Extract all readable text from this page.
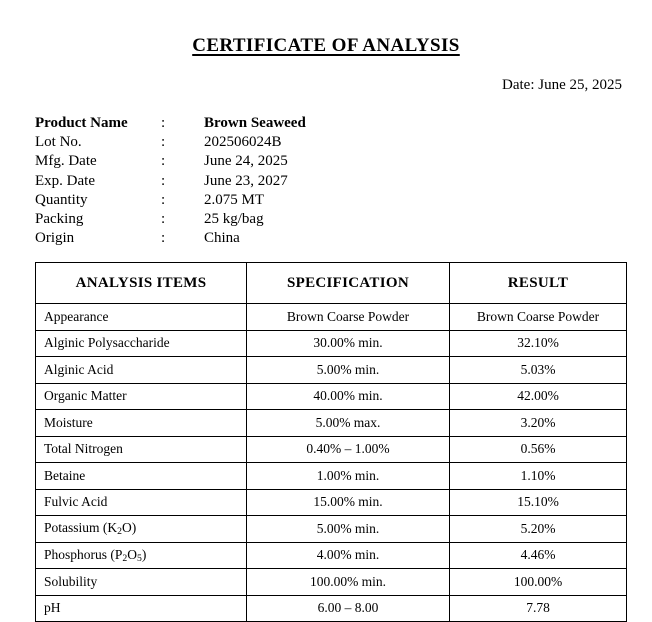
CERTIFICATE OF ANALYSIS
Date: June 25, 2025
Product Name	:	Brown Seaweed
Lot No.	:	202506024B
Mfg. Date	:	June 24, 2025
Exp. Date	:	June 23, 2027
Quantity	:	2.075 MT
Packing	:	25 kg/bag
Origin	:	China
ANALYSIS ITEMS	SPECIFICATION	RESULT
Appearance	Brown Coarse Powder	Brown Coarse Powder
Alginic Polysaccharide	30.00% min.	32.10%
Alginic Acid	5.00% min.	5.03%
Organic Matter	40.00% min.	42.00%
Moisture	5.00% max.	3.20%
Total Nitrogen	0.40% – 1.00%	0.56%
Betaine	1.00% min.	1.10%
Fulvic Acid	15.00% min.	15.10%
Potassium $(K_2O)$	5.00% min.	5.20%
Phosphorus $(P_2O_5)$	4.00% min.	4.46%
Solubility	100.00% min.	100.00%
pH	6.00 – 8.00	7.78
